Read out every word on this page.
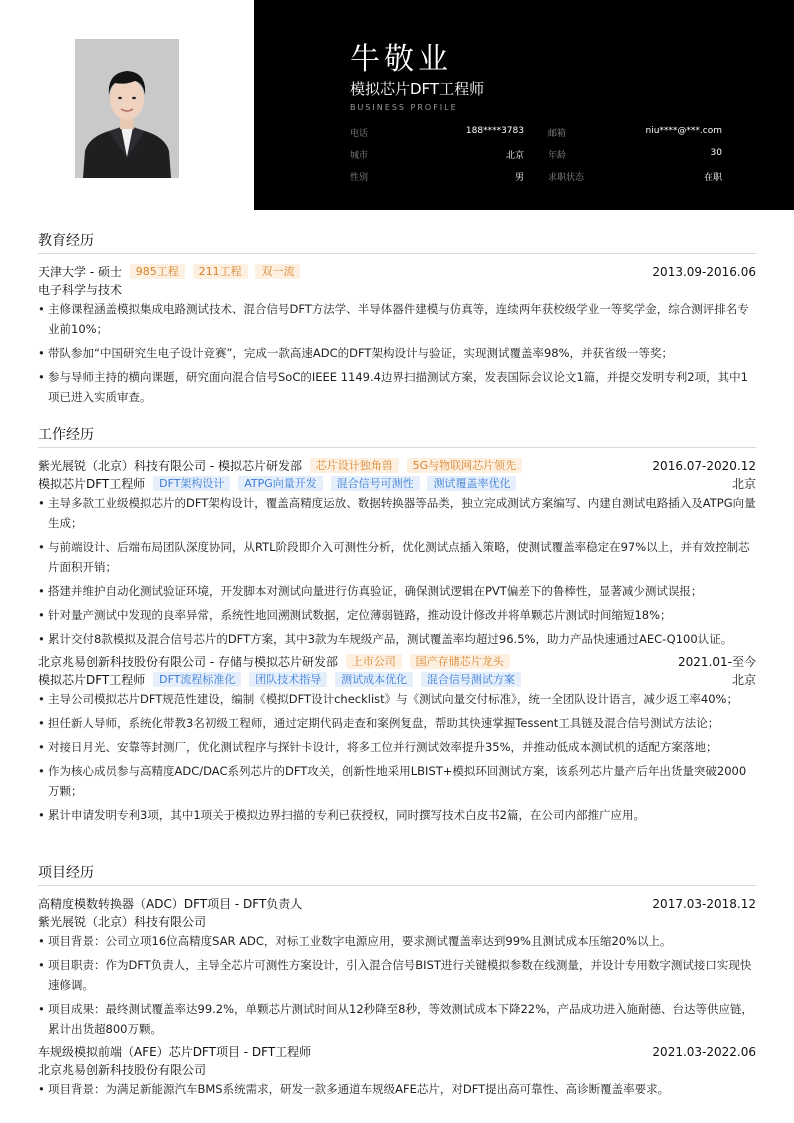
牛敬业
模拟芯片DFT工程师
BUSINESS PROFILE
电话	188****3783	邮箱	niu****@***.com
城市	北京	年龄	30
性别	男	求职状态	在职
教育经历
天津大学 - 硕士 985工程 211工程 双一流	2013.09-2016.06
电子科学与技术
• 主修课程涵盖模拟集成电路测试技术、混合信号DFT方法学、半导体器件建模与仿真等，连续两年获校级学业一等奖学金，综合测评排名专业前10%；
• 带队参加“中国研究生电子设计竞赛”，完成一款高速ADC的DFT架构设计与验证，实现测试覆盖率98%，并获省级一等奖；
• 参与导师主持的横向课题，研究面向混合信号SoC的IEEE 1149.4边界扫描测试方案，发表国际会议论文1篇，并提交发明专利2项，其中1项已进入实质审查。
工作经历
紫光展锐（北京）科技有限公司 - 模拟芯片研发部 芯片设计独角兽 5G与物联网芯片领先	2016.07-2020.12
模拟芯片DFT工程师 DFT架构设计 ATPG向量开发 混合信号可测性 测试覆盖率优化	北京
• 主导多款工业级模拟芯片的DFT架构设计，覆盖高精度运放、数据转换器等品类，独立完成测试方案编写、内建自测试电路插入及ATPG向量生成；
• 与前端设计、后端布局团队深度协同，从RTL阶段即介入可测性分析，优化测试点插入策略，使测试覆盖率稳定在97%以上，并有效控制芯片面积开销；
• 搭建并维护自动化测试验证环境，开发脚本对测试向量进行仿真验证，确保测试逻辑在PVT偏差下的鲁棒性，显著减少测试误报；
• 针对量产测试中发现的良率异常，系统性地回溯测试数据，定位薄弱链路，推动设计修改并将单颗芯片测试时间缩短18%；
• 累计交付8款模拟及混合信号芯片的DFT方案，其中3款为车规级产品，测试覆盖率均超过96.5%，助力产品快速通过AEC-Q100认证。
北京兆易创新科技股份有限公司 - 存储与模拟芯片研发部 上市公司 国产存储芯片龙头	2021.01-至今
模拟芯片DFT工程师 DFT流程标准化 团队技术指导 测试成本优化 混合信号测试方案	北京
• 主导公司模拟芯片DFT规范性建设，编制《模拟DFT设计checklist》与《测试向量交付标准》，统一全团队设计语言，减少返工率40%；
• 担任新人导师，系统化带教3名初级工程师，通过定期代码走查和案例复盘，帮助其快速掌握Tessent工具链及混合信号测试方法论；
• 对接日月光、安靠等封测厂，优化测试程序与探针卡设计，将多工位并行测试效率提升35%，并推动低成本测试机的适配方案落地；
• 作为核心成员参与高精度ADC/DAC系列芯片的DFT攻关，创新性地采用LBIST+模拟环回测试方案，该系列芯片量产后年出货量突破2000万颗；
• 累计申请发明专利3项，其中1项关于模拟边界扫描的专利已获授权，同时撰写技术白皮书2篇，在公司内部推广应用。
项目经历
高精度模数转换器（ADC）DFT项目 - DFT负责人	2017.03-2018.12
紫光展锐（北京）科技有限公司
• 项目背景：公司立项16位高精度SAR ADC，对标工业数字电源应用，要求测试覆盖率达到99%且测试成本压缩20%以上。
• 项目职责：作为DFT负责人，主导全芯片可测性方案设计，引入混合信号BIST进行关键模拟参数在线测量，并设计专用数字测试接口实现快速修调。
• 项目成果：最终测试覆盖率达99.2%，单颗芯片测试时间从12秒降至8秒，等效测试成本下降22%，产品成功进入施耐德、台达等供应链，累计出货超800万颗。
车规级模拟前端（AFE）芯片DFT项目 - DFT工程师	2021.03-2022.06
北京兆易创新科技股份有限公司
• 项目背景：为满足新能源汽车BMS系统需求，研发一款多通道车规级AFE芯片，对DFT提出高可靠性、高诊断覆盖率要求。
